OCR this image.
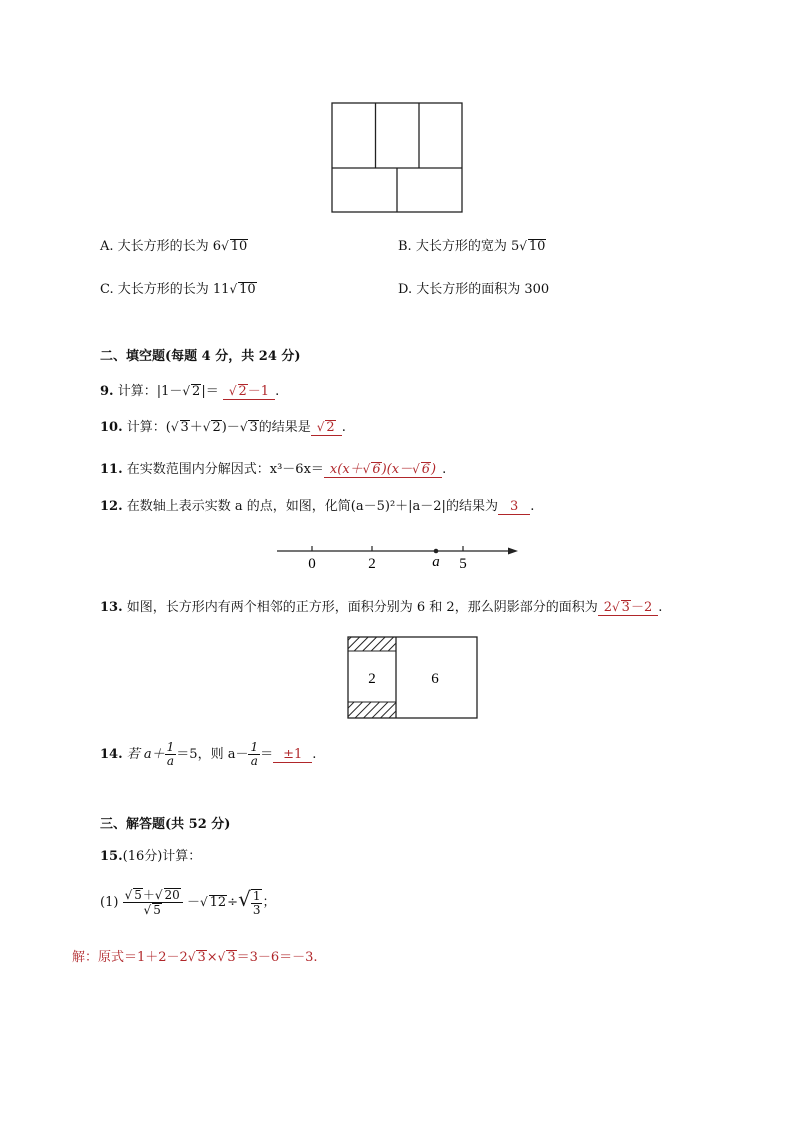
A. 大长方形的长为 6√ 10	B. 大长方形的宽为 5√ 10
C. 大长方形的长为 11√ 10	D. 大长方形的面积为 300
二、填空题(每题 4 分，共 24 分)
9. 计算：|1－√ 2|＝ √ 2－1 .
10. 计算：(√ 3＋√ 2)－√ 3的结果是 √ 2 .
11. 在实数范围内分解因式：x³－6x＝ x(x＋√ 6)(x－√ 6) .
12. 在数轴上表示实数 a 的点，如图，化简(a－5)²＋|a－2|的结果为 3 .
0	2	a 5
13. 如图，长方形内有两个相邻的正方形，面积分别为 6 和 2，那么阴影部分的面积为 2√ 3－2 .
2	6
14. 若 $a+ \frac{1}{a} =5$，则 $a- \frac{1}{a} = \pm 1$ .
三、解答题(共 52 分)
15.(16分)计算：
$(1) \frac{√ 5+√ 20}{√ 5}$ －√ $12\div√ \frac{1}{3}$ ；
解：原式＝1＋2－2√ 3×√ 3＝3－6＝－3.
